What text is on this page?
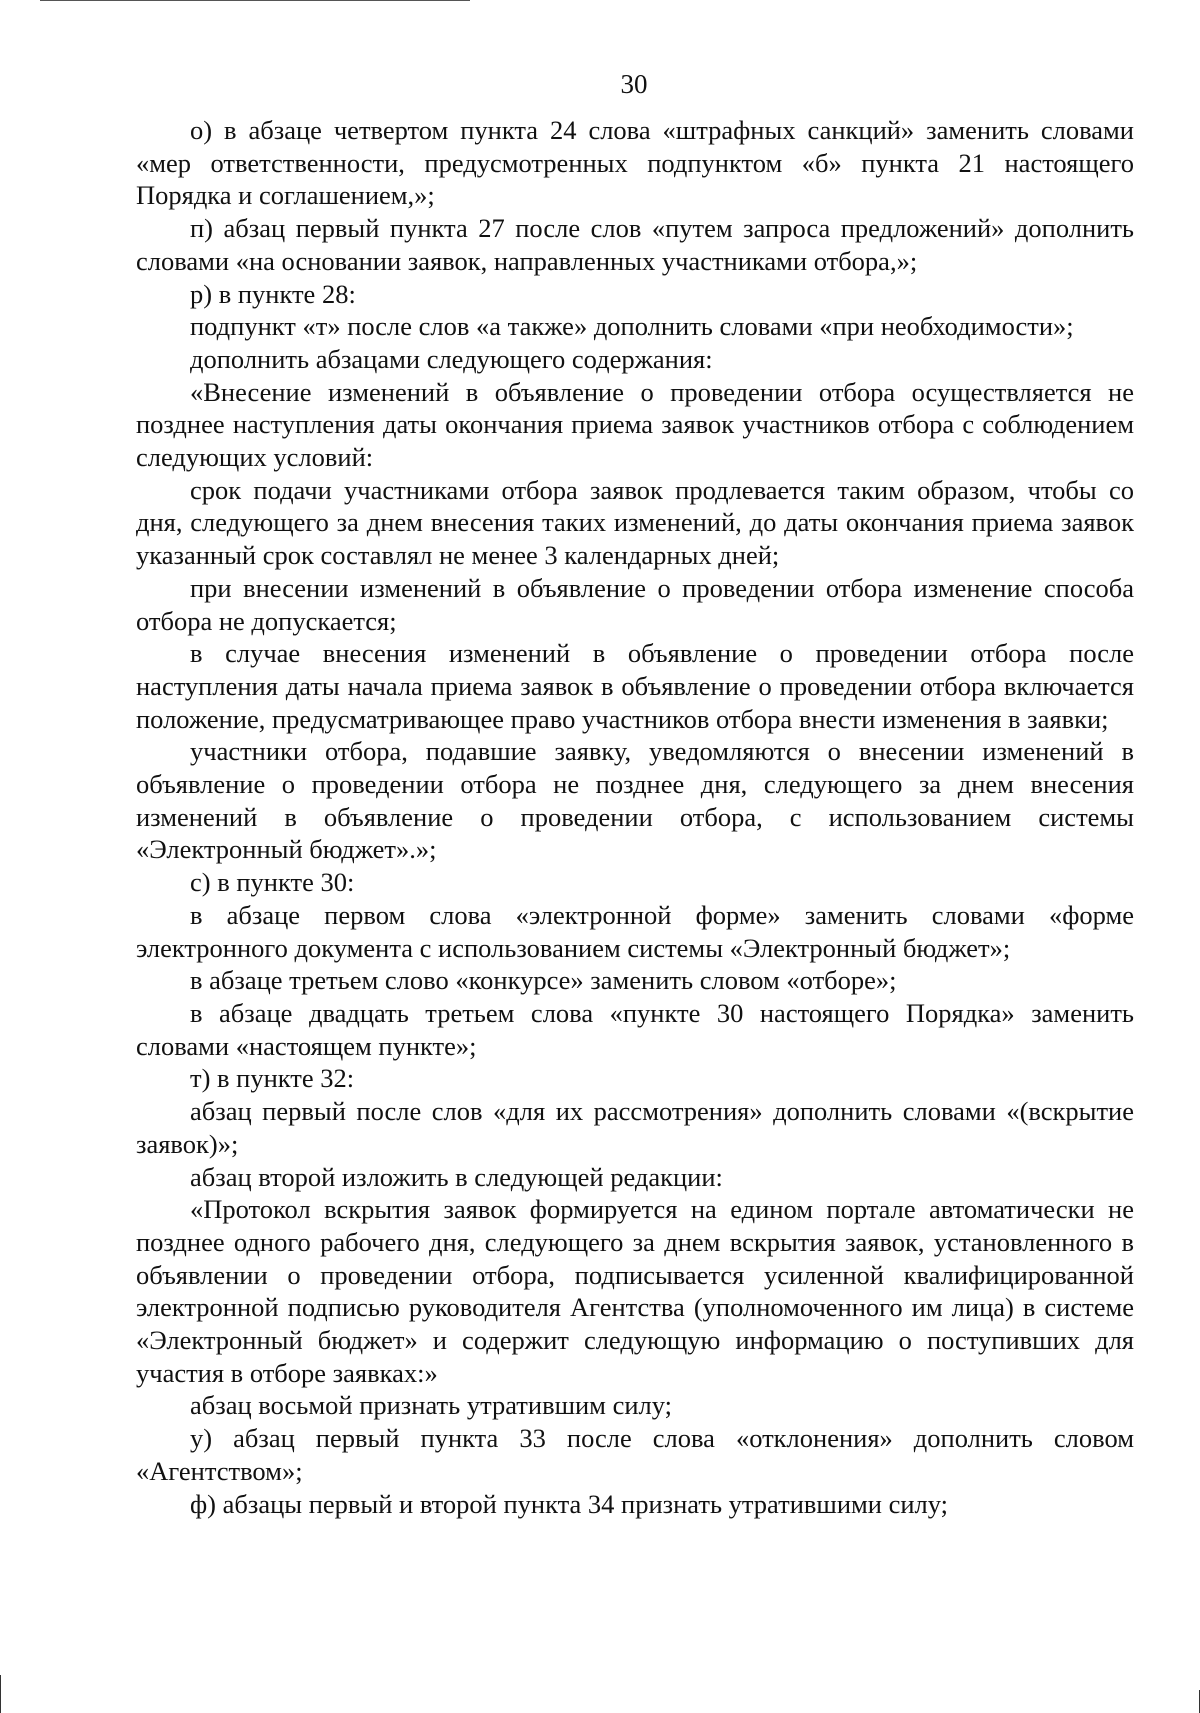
30

о) в абзаце четвертом пункта 24 слова «штрафных санкций» заменить словами «мер ответственности, предусмотренных подпунктом «б» пункта 21 настоящего Порядка и соглашением,»;

п) абзац первый пункта 27 после слов «путем запроса предложений» дополнить словами «на основании заявок, направленных участниками отбора,»;

р) в пункте 28:

подпункт «т» после слов «а также» дополнить словами «при необходимости»;

дополнить абзацами следующего содержания:

«Внесение изменений в объявление о проведении отбора осуществляется не позднее наступления даты окончания приема заявок участников отбора с соблюдением следующих условий:

срок подачи участниками отбора заявок продлевается таким образом, чтобы со дня, следующего за днем внесения таких изменений, до даты окончания приема заявок указанный срок составлял не менее 3 календарных дней;

при внесении изменений в объявление о проведении отбора изменение способа отбора не допускается;

в случае внесения изменений в объявление о проведении отбора после наступления даты начала приема заявок в объявление о проведении отбора включается положение, предусматривающее право участников отбора внести изменения в заявки;

участники отбора, подавшие заявку, уведомляются о внесении изменений в объявление о проведении отбора не позднее дня, следующего за днем внесения изменений в объявление о проведении отбора, с использованием системы «Электронный бюджет».»;

с) в пункте 30:

в абзаце первом слова «электронной форме» заменить словами «форме электронного документа с использованием системы «Электронный бюджет»;

в абзаце третьем слово «конкурсе» заменить словом «отборе»;

в абзаце двадцать третьем слова «пункте 30 настоящего Порядка» заменить словами «настоящем пункте»;

т) в пункте 32:

абзац первый после слов «для их рассмотрения» дополнить словами «(вскрытие заявок)»;

абзац второй изложить в следующей редакции:

«Протокол вскрытия заявок формируется на едином портале автоматически не позднее одного рабочего дня, следующего за днем вскрытия заявок, установленного в объявлении о проведении отбора, подписывается усиленной квалифицированной электронной подписью руководителя Агентства (уполномоченного им лица) в системе «Электронный бюджет» и содержит следующую информацию о поступивших для участия в отборе заявках:»

абзац восьмой признать утратившим силу;

у) абзац первый пункта 33 после слова «отклонения» дополнить словом «Агентством»;

ф) абзацы первый и второй пункта 34 признать утратившими силу;
